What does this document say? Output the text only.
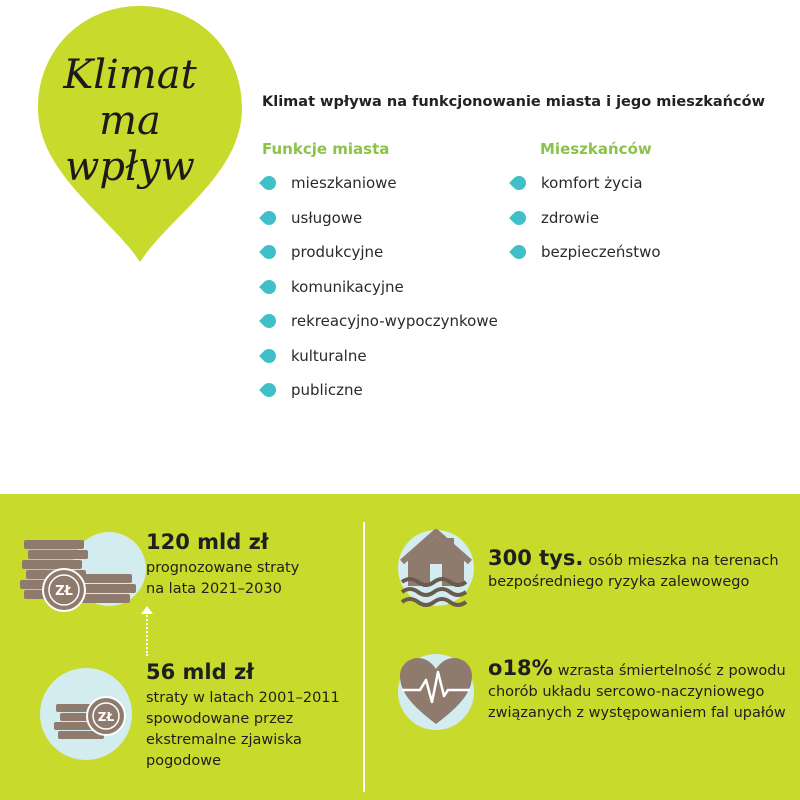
Klimat
ma
wpływ
Klimat wpływa na funkcjonowanie miasta i jego mieszkańców
Funkcje miasta
mieszkaniowe
usługowe
produkcyjne
komunikacyjne
rekreacyjno-wypoczynkowe
kulturalne
publiczne
Mieszkańców
komfort życia
zdrowie
bezpieczeństwo
ZŁ
120 mld zł
prognozowane straty
na lata 2021–2030
ZŁ
56 mld zł
straty w latach 2001–2011
spowodowane przez
ekstremalne zjawiska
pogodowe
300 tys. osób mieszka na terenach
bezpośredniego ryzyka zalewowego
o18% wzrasta śmiertelność z powodu
chorób układu sercowo-naczyniowego
związanych z występowaniem fal upałów
